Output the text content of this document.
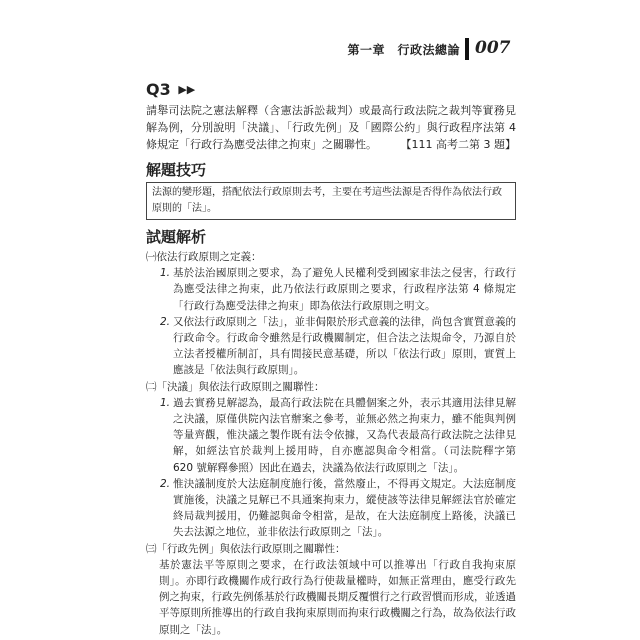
第一章　行政法總論 007
Q3 ▶▶
請舉司法院之憲法解釋（含憲法訴訟裁判）或最高行政法院之裁判等實務見解為例，分別說明「決議」、「行政先例」及「國際公約」與行政程序法第 4 條規定「行政行為應受法律之拘束」之關聯性。 【111 高考二第 3 題】
解題技巧
法源的變形題，搭配依法行政原則去考，主要在考這些法源是否得作為依法行政原則的「法」。
試題解析
㈠依法行政原則之定義：
1. 基於法治國原則之要求，為了避免人民權利受到國家非法之侵害，行政行為應受法律之拘束，此乃依法行政原則之要求，行政程序法第 4 條規定「行政行為應受法律之拘束」即為依法行政原則之明文。
2. 又依法行政原則之「法」，並非侷限於形式意義的法律，尚包含實質意義的行政命令。行政命令雖然是行政機關制定，但合法之法規命令，乃源自於立法者授權所制訂，具有間接民意基礎，所以「依法行政」原則，實質上應該是「依法與行政原則」。
㈡「決議」與依法行政原則之關聯性：
1. 過去實務見解認為，最高行政法院在具體個案之外，表示其適用法律見解之決議，原僅供院內法官辦案之參考，並無必然之拘束力，雖不能與判例等量齊觀，惟決議之製作既有法令依據，又為代表最高行政法院之法律見解，如經法官於裁判上援用時，自亦應認與命令相當。（司法院釋字第 620 號解釋參照）因此在過去，決議為依法行政原則之「法」。
2. 惟決議制度於大法庭制度施行後，當然廢止，不得再文規定。大法庭制度實施後，決議之見解已不具通案拘束力，縱使該等法律見解經法官於確定終局裁判援用，仍難認與命令相當，是故，在大法庭制度上路後，決議已失去法源之地位，並非依法行政原則之「法」。
㈢「行政先例」與依法行政原則之關聯性：
基於憲法平等原則之要求，在行政法領域中可以推導出「行政自我拘束原則」。亦即行政機關作成行政行為行使裁量權時，如無正當理由，應受行政先例之拘束，行政先例係基於行政機關長期反覆慣行之行政習慣而形成，並透過平等原則所推導出的行政自我拘束原則而拘束行政機關之行為，故為依法行政原則之「法」。
